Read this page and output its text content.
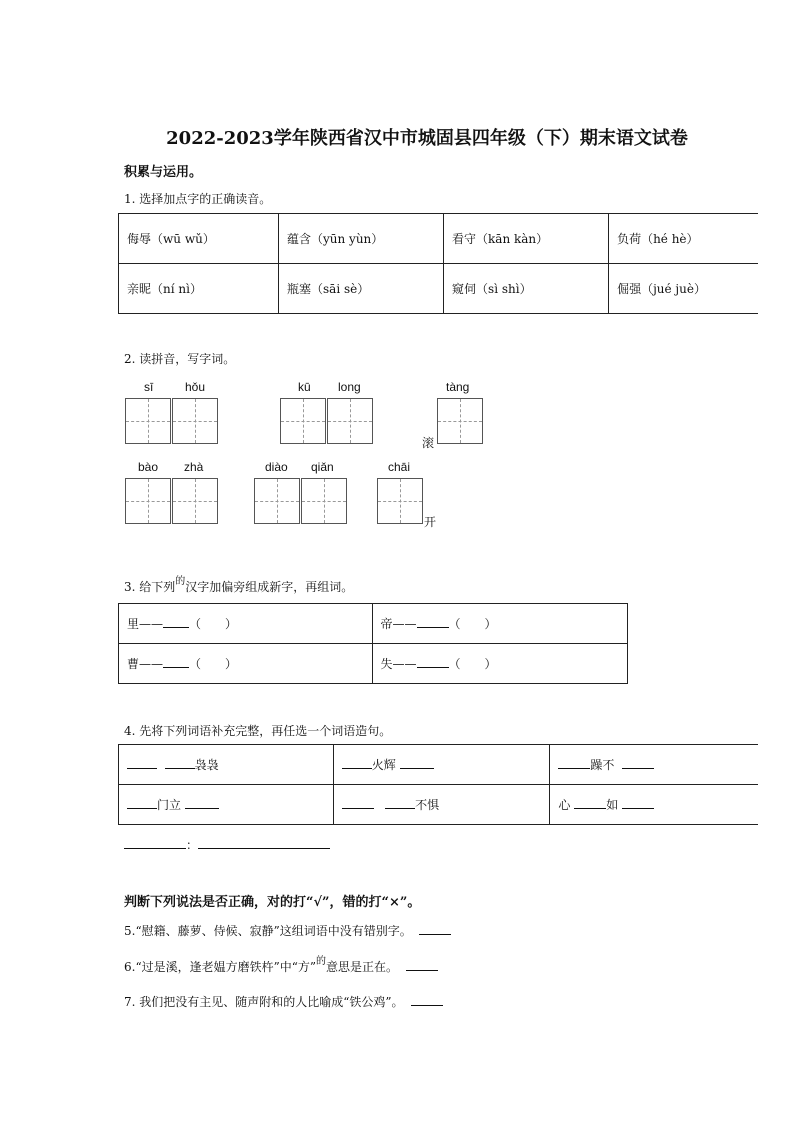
2022-2023学年陕西省汉中市城固县四年级（下）期末语文试卷
积累与运用。
1. 选择加点字的正确读音。
侮辱（wū wǔ）	蕴含（yūn yùn）	看守（kān kàn）	负荷（hé hè）
亲昵（ní nì）	瓶塞（sāi sè）	窥伺（sì shì）	倔强（jué juè）
2. 读拼音，写字词。
sī	hǒu	kū long	tàng
滚
bào zhà	diào qiǎn	chāi
开
3. 给下列$^的$汉字加偏旁组成新字，再组词。
里—— （　　）	帝—— （　　）
曹—— （　　）	失—— （　　）
4. 先将下列词语补充完整，再任选一个词语造句。
袅袅	火辉	躁不
门立	不惧	心 如
：
判断下列说法是否正确，对的打“√”，错的打“×”。
5.“慰籍、藤萝、侍候、寂静”这组词语中没有错别字。
6.“过是溪，逢老媪方磨铁杵”中“方”$^的$意思是正在。
7. 我们把没有主见、随声附和的人比喻成“铁公鸡”。
